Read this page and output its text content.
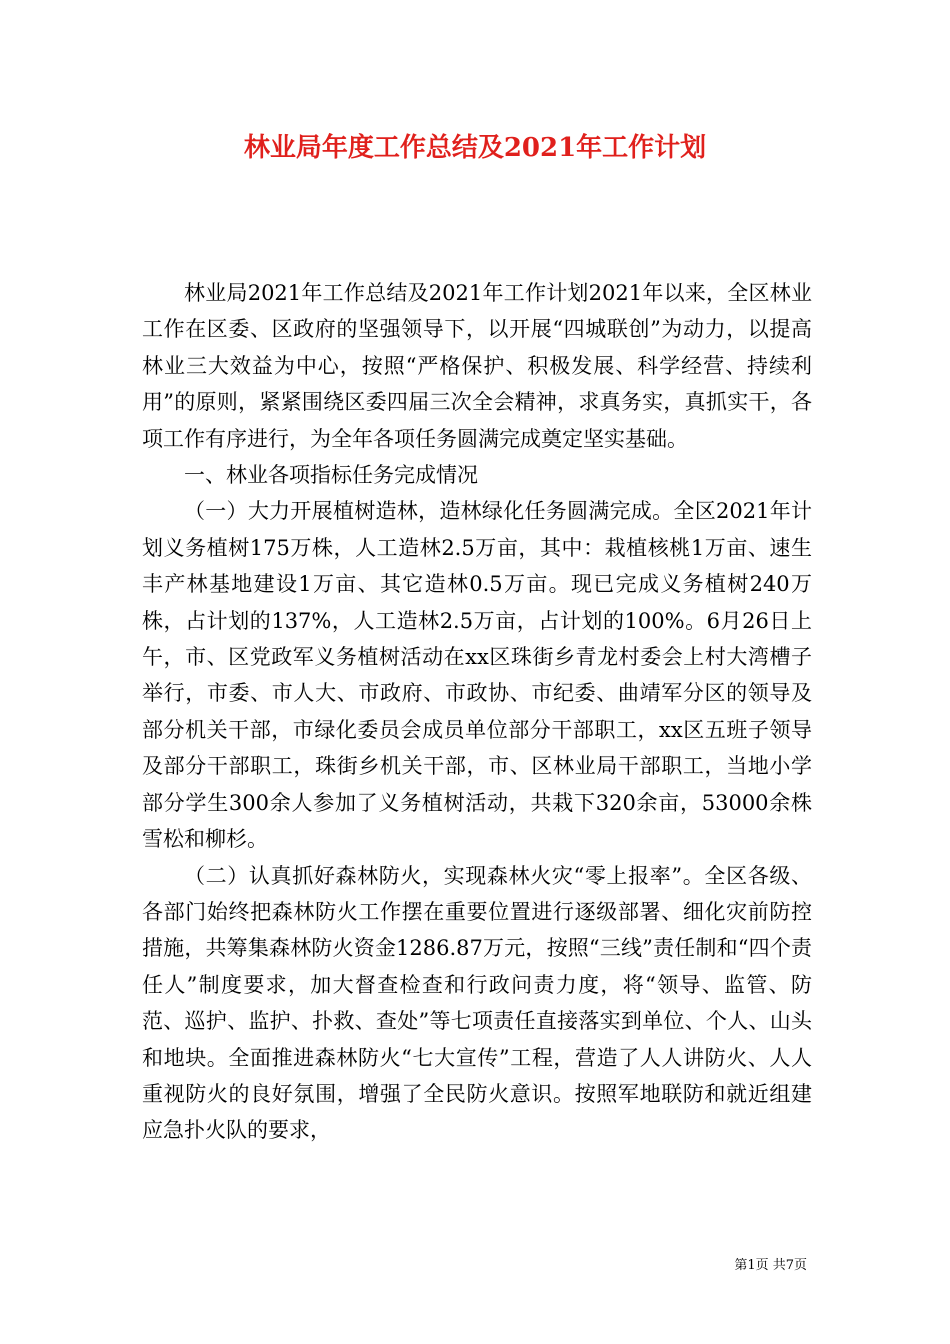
林业局年度工作总结及2021年工作计划

林业局2021年工作总结及2021年工作计划2021年以来，全区林业工作在区委、区政府的坚强领导下，以开展“四城联创”为动力，以提高林业三大效益为中心，按照“严格保护、积极发展、科学经营、持续利用”的原则，紧紧围绕区委四届三次全会精神，求真务实，真抓实干，各项工作有序进行，为全年各项任务圆满完成奠定坚实基础。

一、林业各项指标任务完成情况

（一）大力开展植树造林，造林绿化任务圆满完成。全区2021年计划义务植树175万株，人工造林2.5万亩，其中：栽植核桃1万亩、速生丰产林基地建设1万亩、其它造林0.5万亩。现已完成义务植树240万株，占计划的137%，人工造林2.5万亩，占计划的100%。6月26日上午，市、区党政军义务植树活动在xx区珠街乡青龙村委会上村大湾槽子举行，市委、市人大、市政府、市政协、市纪委、曲靖军分区的领导及部分机关干部，市绿化委员会成员单位部分干部职工，xx区五班子领导及部分干部职工，珠街乡机关干部，市、区林业局干部职工，当地小学部分学生300余人参加了义务植树活动，共栽下320余亩，53000余株雪松和柳杉。

（二）认真抓好森林防火，实现森林火灾“零上报率”。全区各级、各部门始终把森林防火工作摆在重要位置进行逐级部署、细化灾前防控措施，共筹集森林防火资金1286.87万元，按照“三线”责任制和“四个责任人”制度要求，加大督查检查和行政问责力度，将“领导、监管、防范、巡护、监护、扑救、查处”等七项责任直接落实到单位、个人、山头和地块。全面推进森林防火“七大宣传”工程，营造了人人讲防火、人人重视防火的良好氛围，增强了全民防火意识。按照军地联防和就近组建应急扑火队的要求，

第1页 共7页
